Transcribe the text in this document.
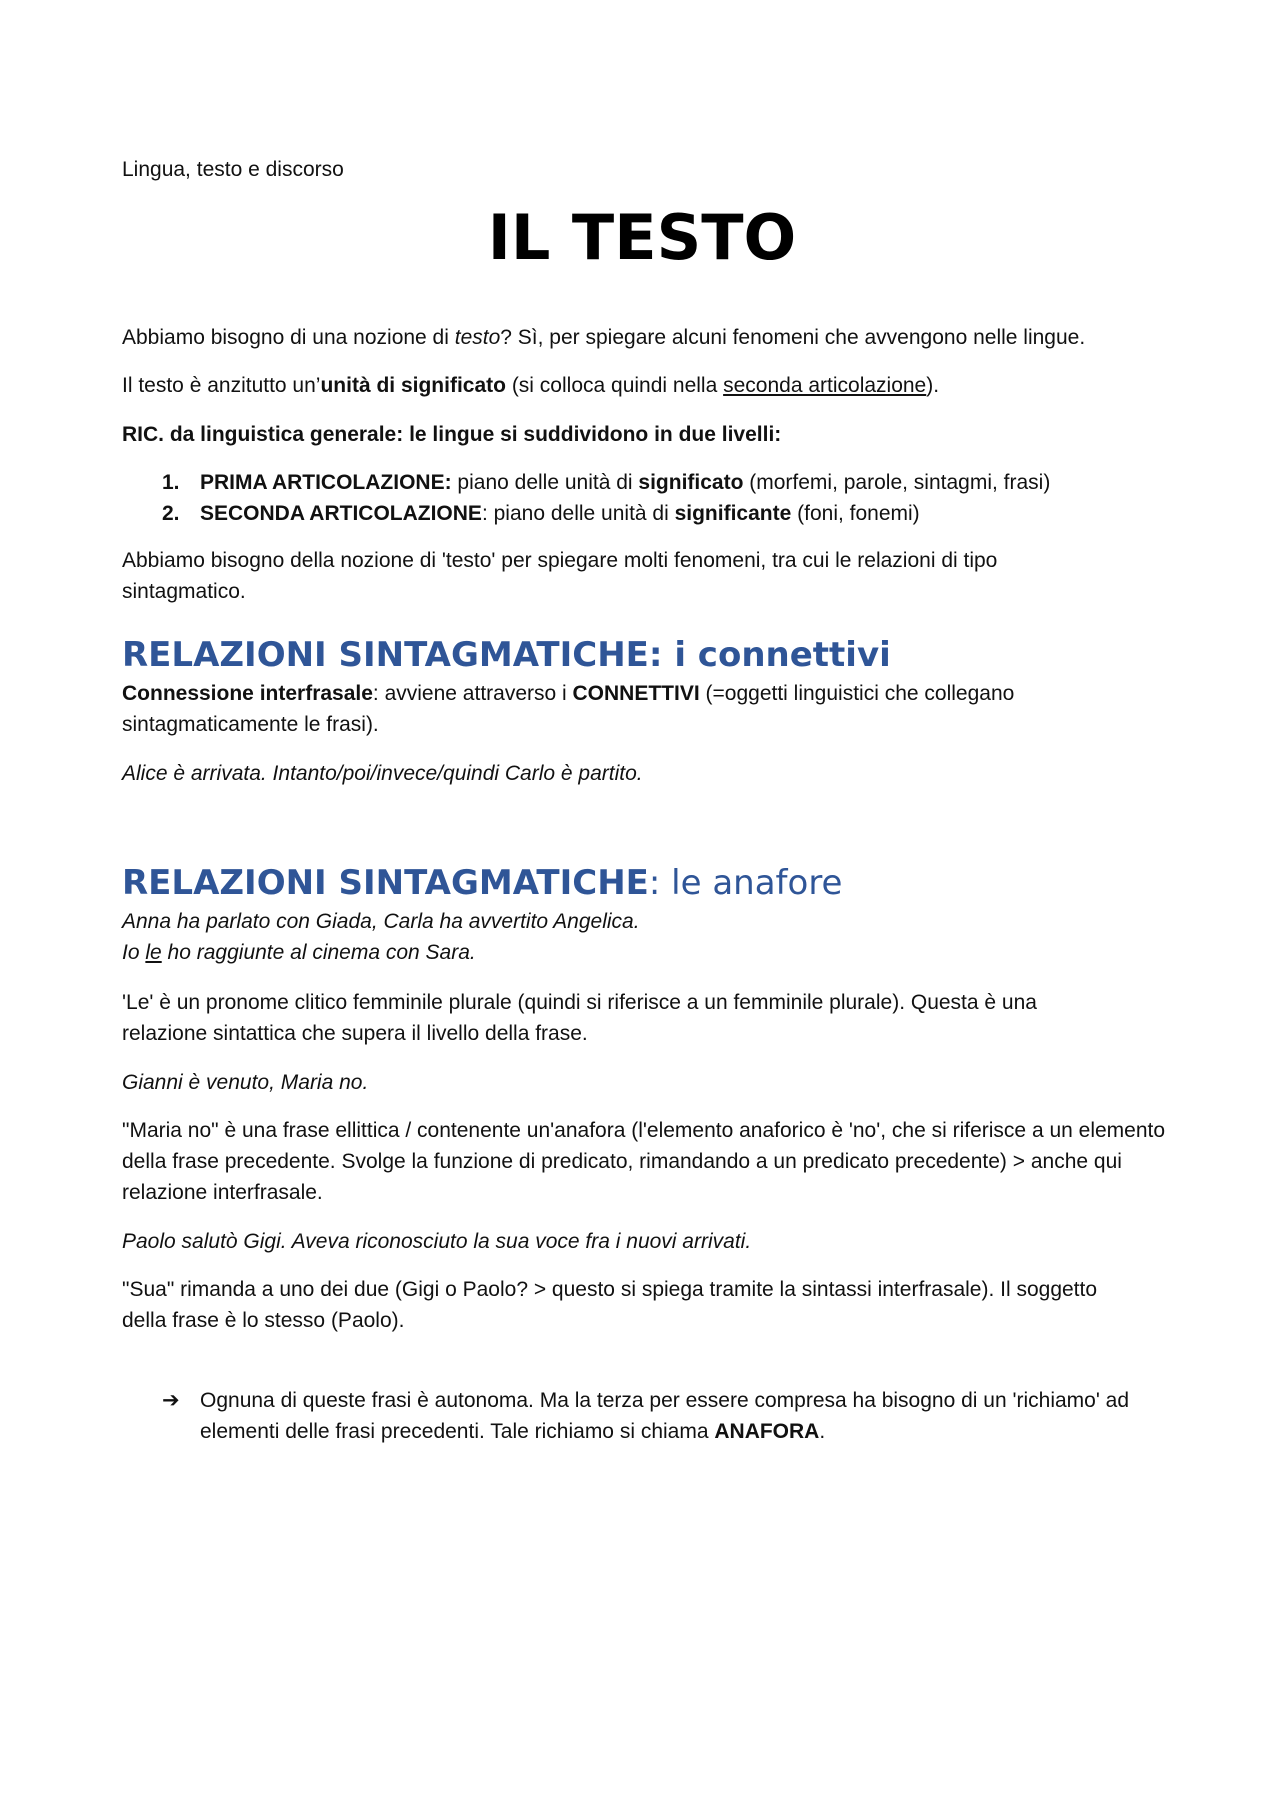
Lingua, testo e discorso

IL TESTO

Abbiamo bisogno di una nozione di testo? Sì, per spiegare alcuni fenomeni che avvengono nelle lingue.

Il testo è anzitutto un’unità di significato (si colloca quindi nella seconda articolazione).

RIC. da linguistica generale: le lingue si suddividono in due livelli:

1. PRIMA ARTICOLAZIONE: piano delle unità di significato (morfemi, parole, sintagmi, frasi)
2. SECONDA ARTICOLAZIONE: piano delle unità di significante (foni, fonemi)

Abbiamo bisogno della nozione di 'testo' per spiegare molti fenomeni, tra cui le relazioni di tipo sintagmatico.

RELAZIONI SINTAGMATICHE: i connettivi

Connessione interfrasale: avviene attraverso i CONNETTIVI (=oggetti linguistici che collegano sintagmaticamente le frasi).

Alice è arrivata. Intanto/poi/invece/quindi Carlo è partito.

RELAZIONI SINTAGMATICHE: le anafore

Anna ha parlato con Giada, Carla ha avvertito Angelica.

Io le ho raggiunte al cinema con Sara.

'Le' è un pronome clitico femminile plurale (quindi si riferisce a un femminile plurale). Questa è una relazione sintattica che supera il livello della frase.

Gianni è venuto, Maria no.

"Maria no" è una frase ellittica / contenente un'anafora (l'elemento anaforico è 'no', che si riferisce a un elemento della frase precedente. Svolge la funzione di predicato, rimandando a un predicato precedente) > anche qui relazione interfrasale.

Paolo salutò Gigi. Aveva riconosciuto la sua voce fra i nuovi arrivati.

"Sua" rimanda a uno dei due (Gigi o Paolo? > questo si spiega tramite la sintassi interfrasale). Il soggetto della frase è lo stesso (Paolo).

➔ Ognuna di queste frasi è autonoma. Ma la terza per essere compresa ha bisogno di un 'richiamo' ad elementi delle frasi precedenti. Tale richiamo si chiama ANAFORA.
